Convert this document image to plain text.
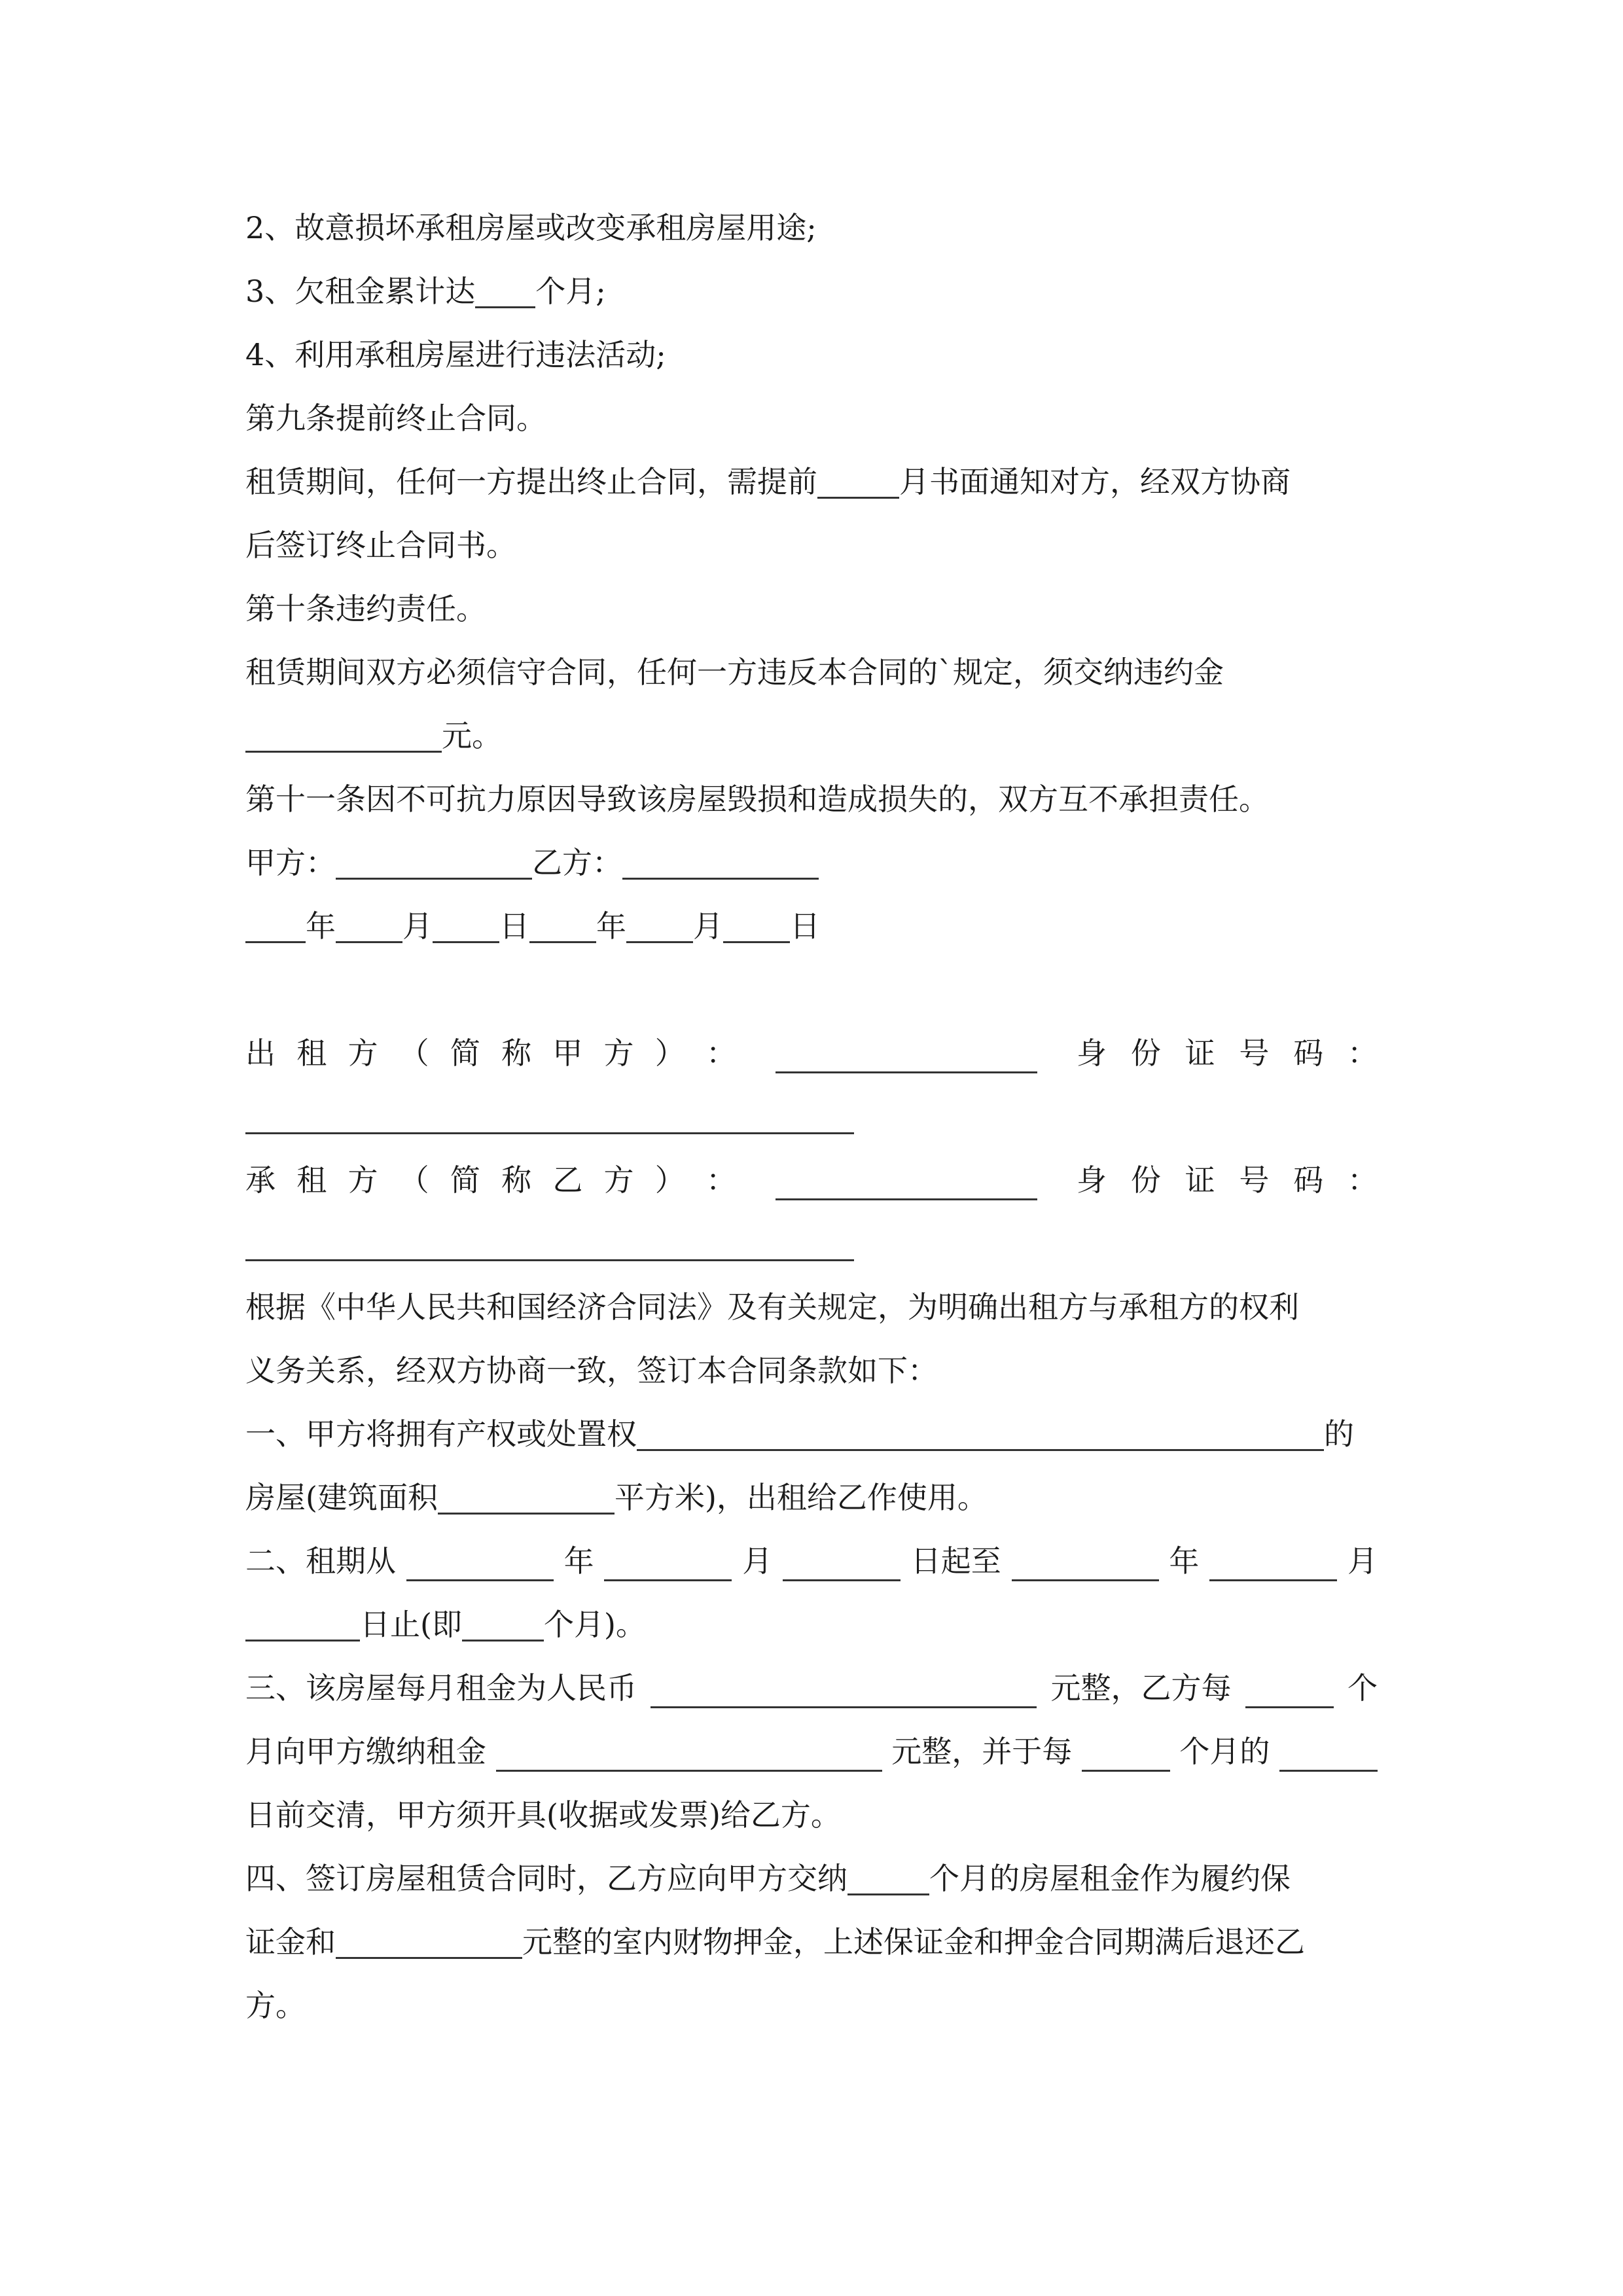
2、故意损坏承租房屋或改变承租房屋用途;
3、欠租金累计达 个月;
4、利用承租房屋进行违法活动;
第九条提前终止合同。
租赁期间，任何一方提出终止合同，需提前	月书面通知对方，经双方协商
后签订终止合同书。
第十条违约责任。
租赁期间双方必须信守合同，任何一方违反本合同的`规定，须交纳违约金
元。
第十一条因不可抗力原因导致该房屋毁损和造成损失的，双方互不承担责任。
甲方：	乙方：
年 月 日 年 月 日
出 租 方 （ 简 称 甲 方 ） ：	身 份 证 号 码 ：
承 租 方 （ 简 称 乙 方 ） ：	身 份 证 号 码 ：
根据《中华人民共和国经济合同法》及有关规定，为明确出租方与承租方的权利
义务关系，经双方协商一致，签订本合同条款如下：
一、甲方将拥有产权或处置权	的
房屋(建筑面积	平方米)，出租给乙作使用。
二、租期从	年	月	日起至	年	月
日止(即	个月)。
三、该房屋每月租金为人民币	元整，乙方每	个
月向甲方缴纳租金	元整，并于每	个月的
日前交清，甲方须开具(收据或发票)给乙方。
四、签订房屋租赁合同时，乙方应向甲方交纳	个月的房屋租金作为履约保
证金和	元整的室内财物押金，上述保证金和押金合同期满后退还乙
方。
